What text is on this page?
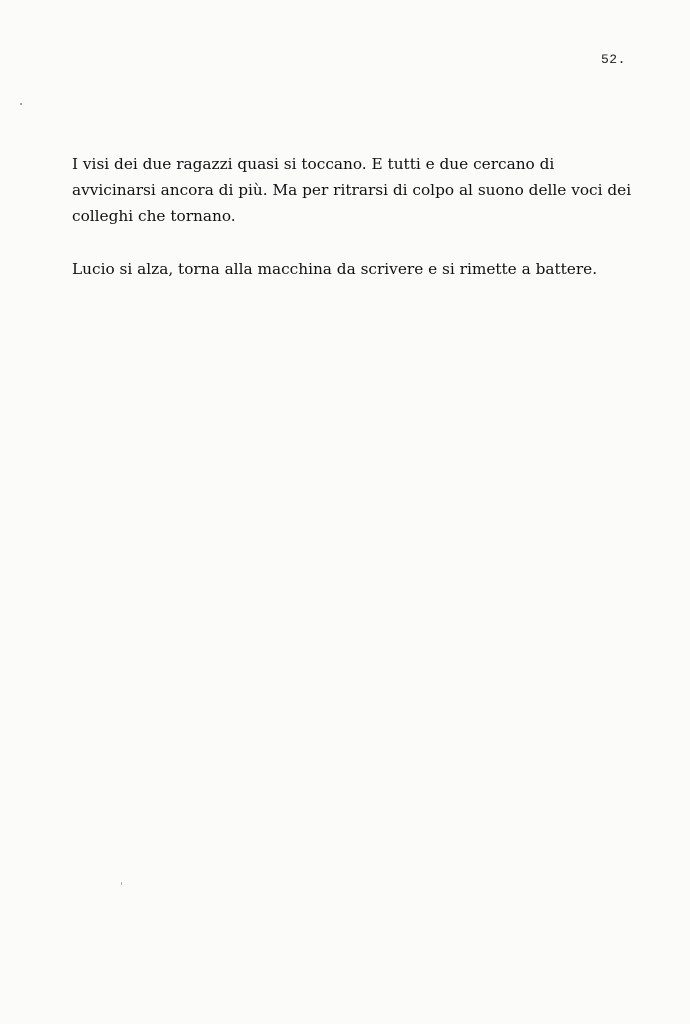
52.

I visi dei due ragazzi quasi si toccano. E tutti e due cercano di avvicinarsi ancora di più. Ma per ritrarsi di colpo al suono delle voci dei colleghi che tornano.

Lucio si alza, torna alla macchina da scrivere e si rimette a battere.
